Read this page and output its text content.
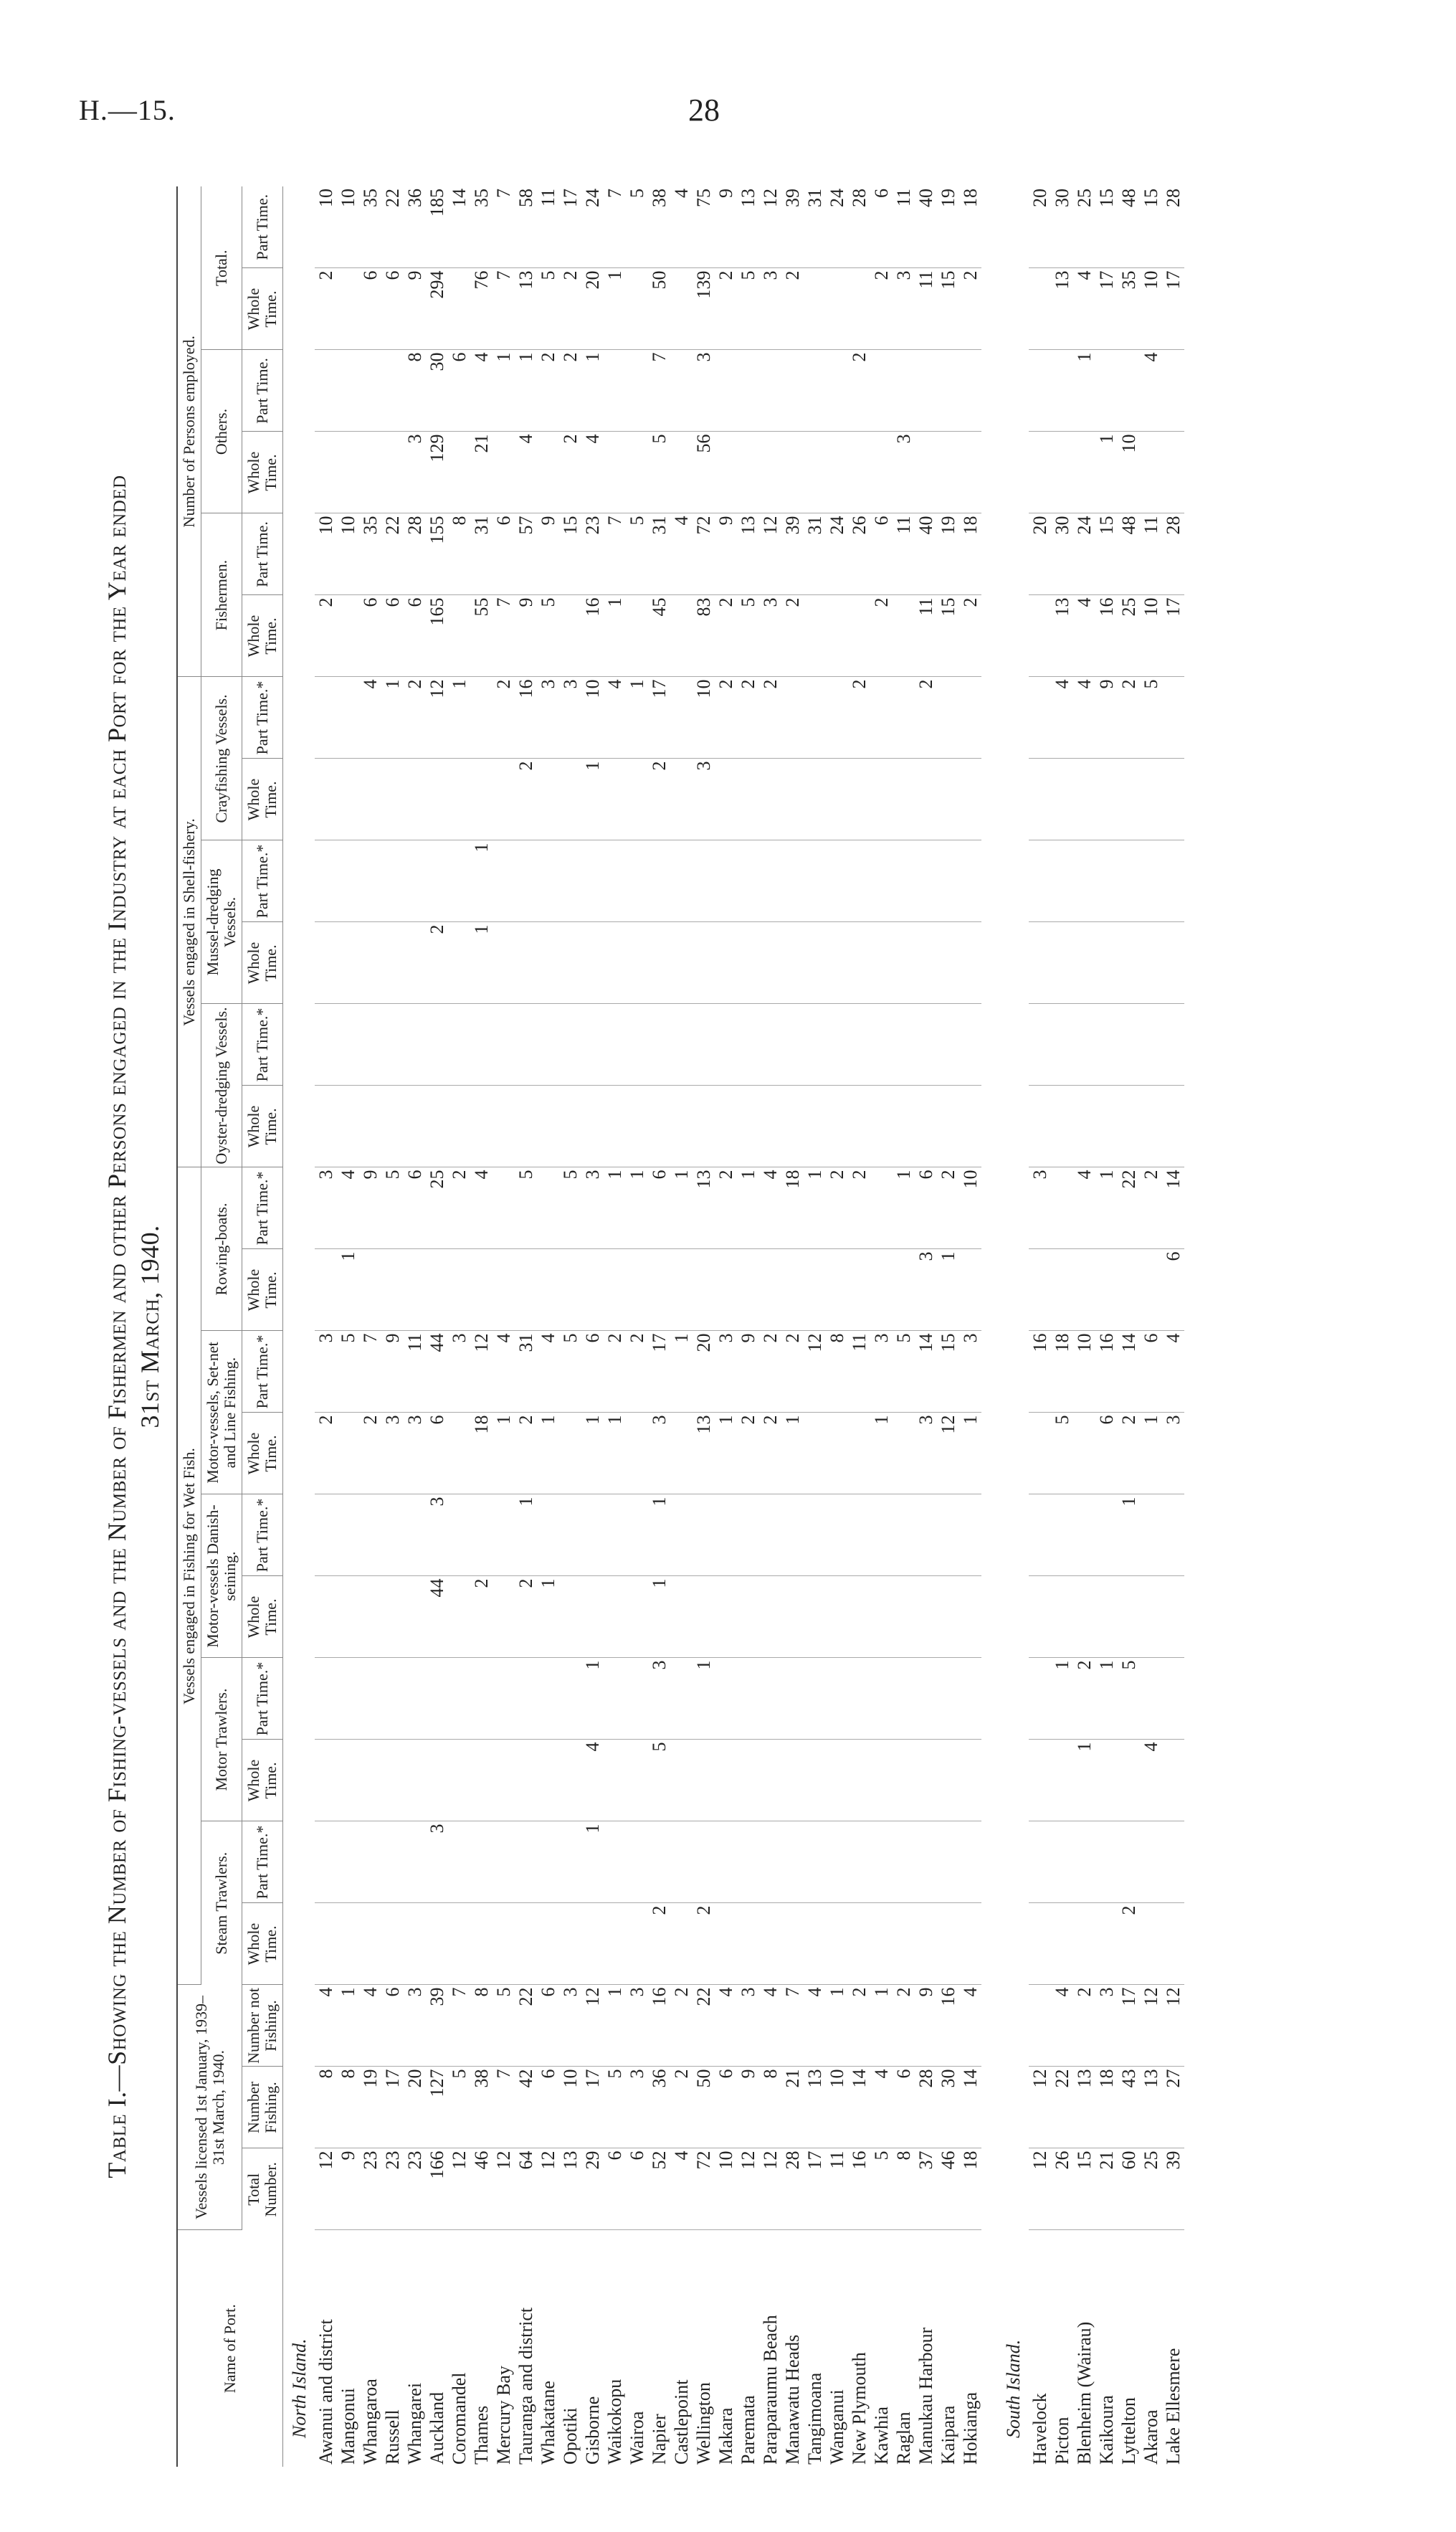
H.—15.	28
Table I.—Showing the Number of Fishing-vessels and the Number of Fishermen and other Persons engaged in the Industry at each Port for the Year ended 31st March, 1940.
Name of Port.	Vessels licensed 1st January, 1939–31st March, 1940.			Vessels engaged in Fishing for Wet Fish.										Vessels engaged in Shell-fishery.						Number of Persons employed.					
				Steam Trawlers.		Motor Trawlers.		Motor-vessels Danish-seining.		Motor-vessels, Set-net and Line Fishing.		Rowing-boats.		Oyster-dredging Vessels.		Mussel-dredging Vessels.		Crayfishing Vessels.		Fishermen.		Others.		Total.	
	Total Number.	Number Fishing.	Number not Fishing.	Whole Time.	Part Time.*	Whole Time.	Part Time.*	Whole Time.	Part Time.*	Whole Time.	Part Time.*	Whole Time.	Part Time.*	Whole Time.	Part Time.*	Whole Time.	Part Time.*	Whole Time.	Part Time.*	Whole Time.	Part Time.	Whole Time.	Part Time.	Whole Time.	Part Time.
North Island.																									
Awanui and district	12	8	4							2	3		3							2	10			2	10
Mangonui	9	8	1								5	1	4								10				10
Whangaroa	23	19	4							2	7		9						4	6	35			6	35
Russell	23	17	6							3	9		5						1	6	22			6	22
Whangarei	23	20	3							3	11		6						2	6	28	3	8	9	36
Auckland	166	127	39		3			44	3	6	44		25			2			12	165	155	129	30	294	185
Coromandel	12	5	7								3		2						1		8		6		14
Thames	46	38	8					2		18	12		4			1	1			55	31	21	4	76	35
Mercury Bay	12	7	5							1	4								2	7	6		1	7	7
Tauranga and district	64	42	22					2	1	2	31		5					2	16	9	57	4	1	13	58
Whakatane	12	6	6					1		1	4								3	5	9		2	5	11
Opotiki	13	10	3								5		5						3		15	2	2	2	17
Gisborne	29	17	12		1	4	1			1	6		3					1	10	16	23	4	1	20	24
Waikokopu	6	5	1							1	2		1						4	1	7			1	7
Wairoa	6	3	3								2		1						1		5				5
Napier	52	36	16	2		5	3	1	1	3	17		6					2	17	45	31	5	7	50	38
Castlepoint	4	2	2								1		1								4				4
Wellington	72	50	22	2			1			13	20		13					3	10	83	72	56	3	139	75
Makara	10	6	4							1	3		2						2	2	9			2	9
Paremata	12	9	3							2	9		1						2	5	13			5	13
Paraparaumu Beach	12	8	4							2	2		4						2	3	12			3	12
Manawatu Heads	28	21	7							1	2		18							2	39			2	39
Tangimoana	17	13	4								12		1								31				31
Wanganui	11	10	1								8		2								24				24
New Plymouth	16	14	2								11		2						2		26		2		28
Kawhia	5	4	1							1	3									2	6			2	6
Raglan	8	6	2								5		1								11	3		3	11
Manukau Harbour	37	28	9							3	14	3	6						2	11	40			11	40
Kaipara	46	30	16							12	15	1	2							15	19			15	19
Hokianga	18	14	4							1	3		10							2	18			2	18

South Island.																									
Havelock	12	12									16		3								20				20
Picton	26	22	4				1			5	18								4	13	30			13	30
Blenheim (Wairau)	15	13	2			1	2				10		4						4	4	24		1	4	25
Kaikoura	21	18	3				1			6	16		1						9	16	15	1		17	15
Lyttelton	60	43	17	2			5		1	2	14		22						2	25	48	10		35	48
Akaroa	25	13	12			4				1	6		2						5	10	11		4	10	15
Lake Ellesmere	39	27	12							3	4	6	14							17	28			17	28
